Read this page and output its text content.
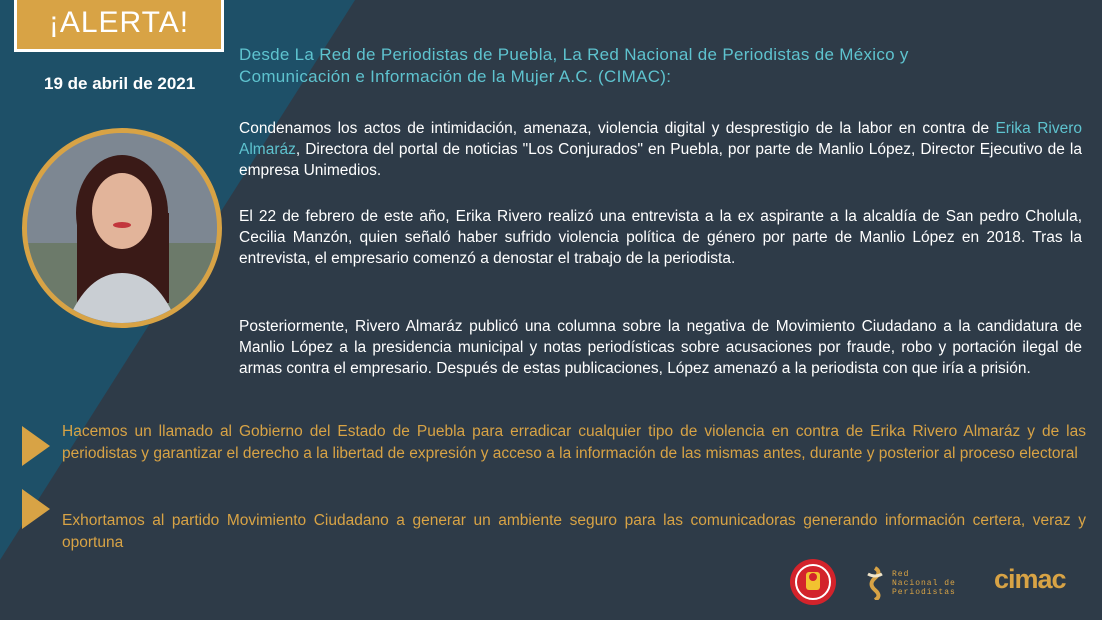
¡ALERTA!
19 de abril de 2021
Desde La Red de Periodistas de Puebla, La Red Nacional de Periodistas de México y Comunicación e Información de la Mujer A.C. (CIMAC):
Condenamos los actos de intimidación, amenaza, violencia digital y desprestigio de la labor en contra de Erika Rivero Almaráz, Directora del portal de noticias "Los Conjurados" en Puebla, por parte de Manlio López, Director Ejecutivo de la empresa Unimedios.
El 22 de febrero de este año, Erika Rivero realizó una entrevista a la ex aspirante a la alcaldía de San pedro Cholula, Cecilia Manzón, quien señaló haber sufrido violencia política de género por parte de Manlio López en 2018. Tras la entrevista, el empresario comenzó a denostar el trabajo de la periodista.
Posteriormente, Rivero Almaráz publicó una columna sobre la negativa de Movimiento Ciudadano a la candidatura de Manlio López a la presidencia municipal y notas periodísticas sobre acusaciones por fraude, robo y portación ilegal de armas contra el empresario. Después de estas publicaciones, López amenazó a la periodista con que iría a prisión.
Hacemos un llamado al Gobierno del Estado de Puebla para erradicar cualquier tipo de violencia en contra de Erika Rivero Almaráz y de las periodistas y garantizar el derecho a la libertad de expresión y acceso a la información de las mismas antes, durante y posterior al proceso electoral
Exhortamos al partido Movimiento Ciudadano a generar un ambiente seguro para las comunicadoras generando información certera, veraz y oportuna
Red
Nacional de
Periodistas cimac
